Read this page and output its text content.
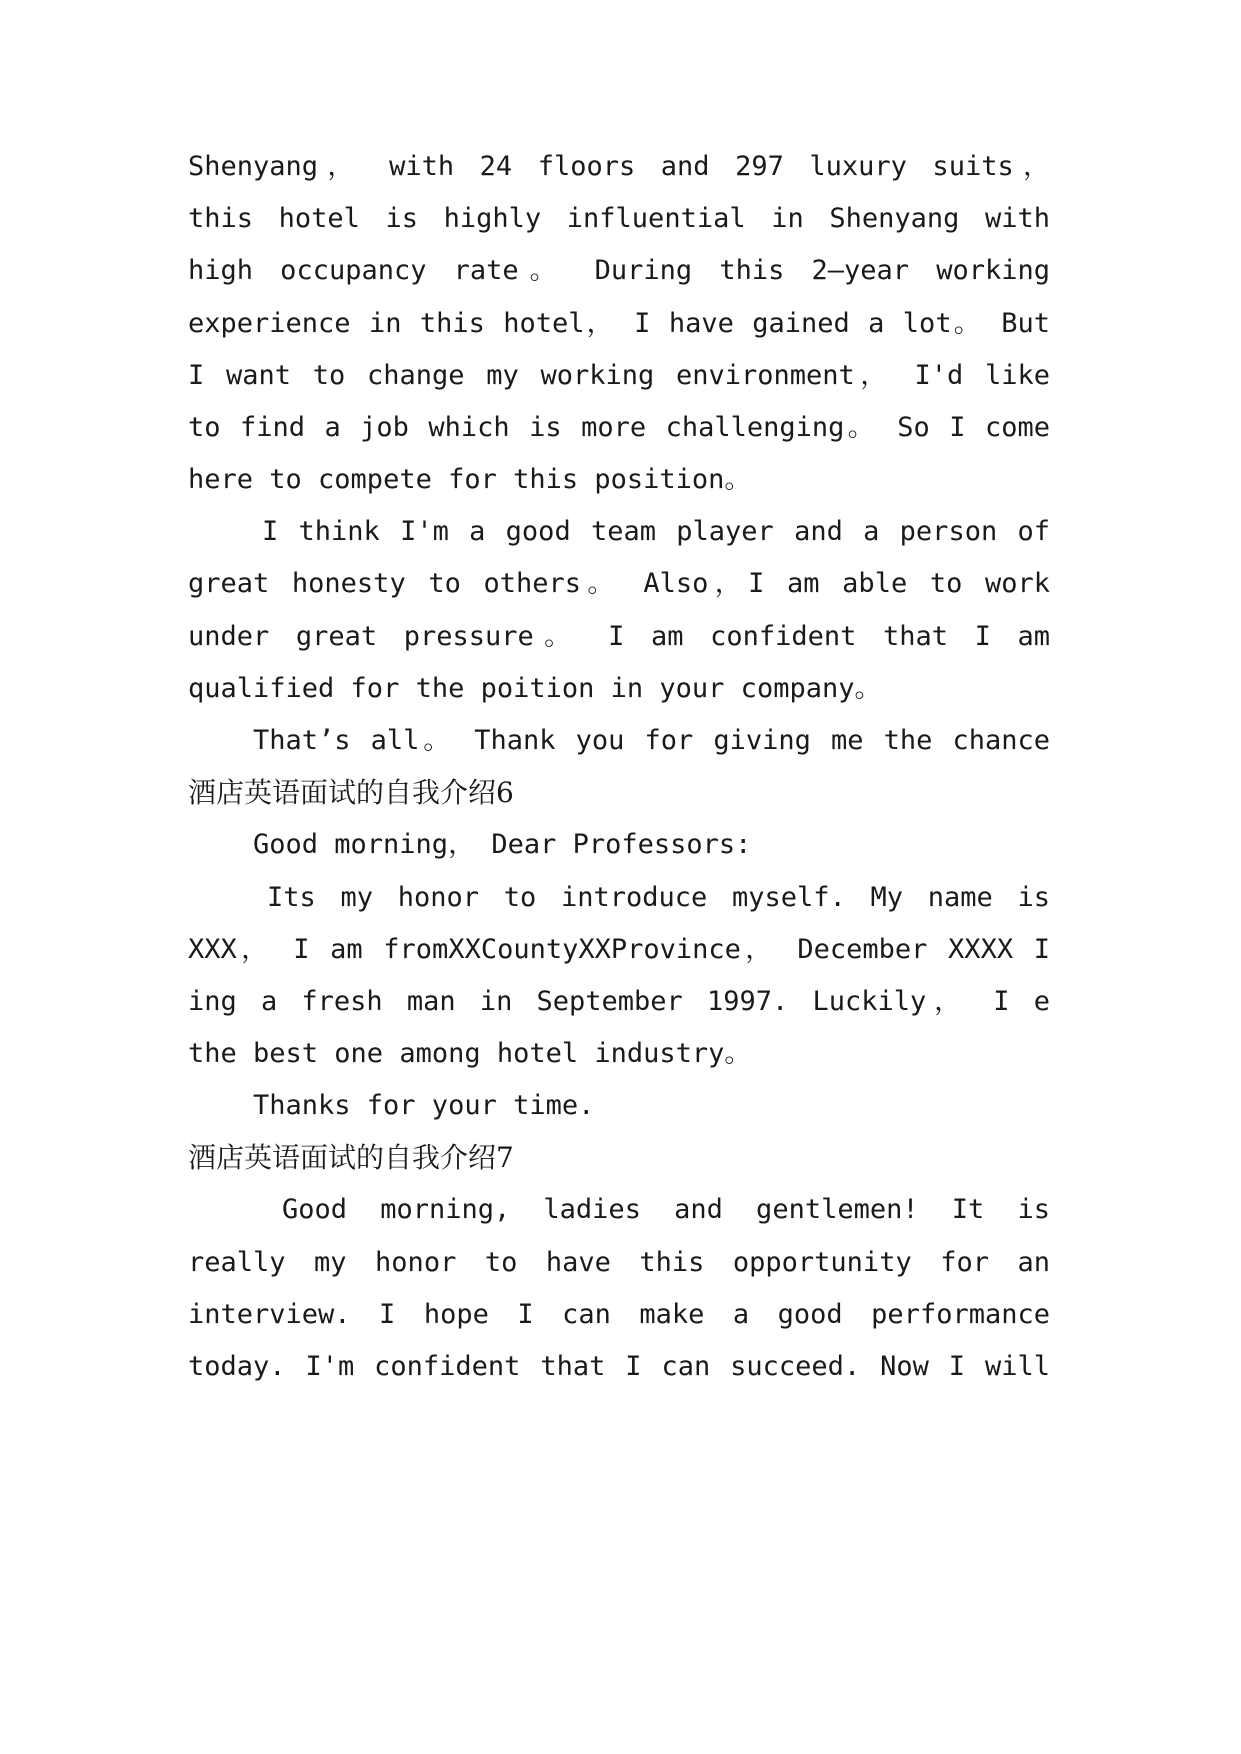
Shenyang， with 24 floors and 297 luxury suits，
this hotel is highly influential in Shenyang with
high occupancy rate。 During this 2—year working
experience in this hotel， I have gained a lot。 But
I want to change my working environment， I'd like
to find a job which is more challenging。 So I come
here to compete for this position。
I think I'm a good team player and a person of
great honesty to others。 Also，I am able to work
under great pressure。 I am confident that I am
qualified for the poition in your company。
That’s all。 Thank you for giving me the chance
酒店英语面试的自我介绍6
Good morning， Dear Professors:
Its my honor to introduce myself. My name is
XXX， I am fromXXCountyXXProvince， December XXXX I
ing a fresh man in September 1997. Luckily， I e
the best one among hotel industry。
Thanks for your time.
酒店英语面试的自我介绍7
Good morning, ladies and gentlemen! It is
really my honor to have this opportunity for an
interview. I hope I can make a good performance
today. I'm confident that I can succeed. Now I will
